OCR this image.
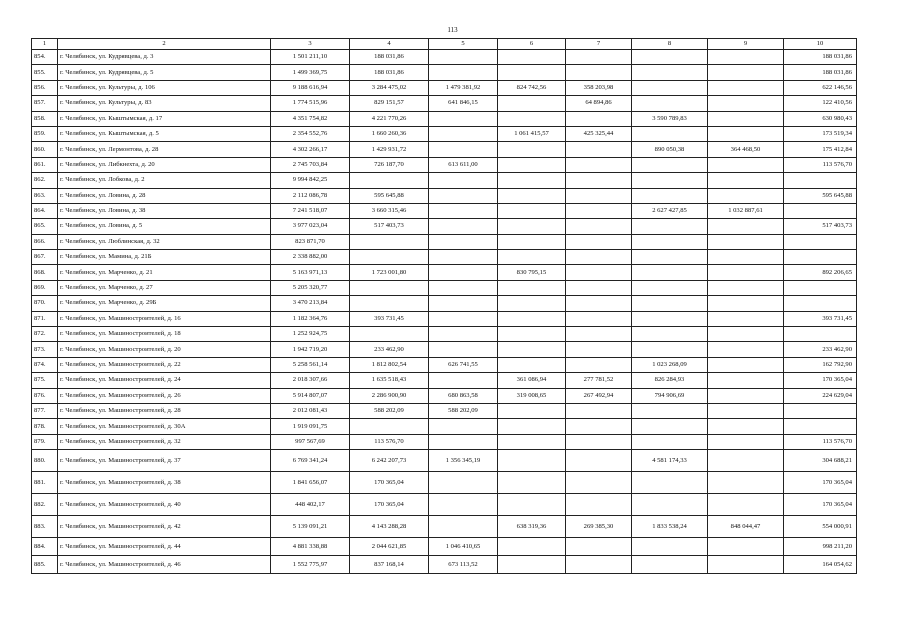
113
1	2	3	4	5	6	7	8	9	10
854.	г. Челябинск, ул. Кудрявцева, д. 3	1 501 211,10	188 031,86						188 031,86
855.	г. Челябинск, ул. Кудрявцева, д. 5	1 499 369,75	188 031,86						188 031,86
856.	г. Челябинск, ул. Культуры, д. 106	9 188 616,94	3 284 475,02	1 479 381,92	824 742,56	358 203,98			622 146,56
857.	г. Челябинск, ул. Культуры, д. 83	1 774 515,96	829 151,57	641 846,15		64 894,86			122 410,56
858.	г. Челябинск, ул. Кыштымская, д. 17	4 351 754,82	4 221 770,26				3 590 789,83		630 980,43
859.	г. Челябинск, ул. Кыштымская, д. 5	2 354 552,76	1 660 260,36		1 061 415,57	425 325,44			173 519,34
860.	г. Челябинск, ул. Лермонтова, д. 28	4 302 266,17	1 429 931,72				890 050,38	364 468,50	175 412,84
861.	г. Челябинск, ул. Либкнехта, д. 20	2 745 703,84	726 187,70	613 611,00					113 576,70
862.	г. Челябинск, ул. Лобкова, д. 2	9 994 842,25							
863.	г. Челябинск, ул. Ловина, д. 28	2 112 086,78	595 645,88						595 645,88
864.	г. Челябинск, ул. Ловина, д. 38	7 241 518,07	3 660 315,46				2 627 427,85	1 032 887,61	
865.	г. Челябинск, ул. Ловина, д. 5	3 977 023,04	517 403,73						517 403,73
866.	г. Челябинск, ул. Люблинская, д. 32	823 871,70							
867.	г. Челябинск, ул. Мамина, д. 21Б	2 338 882,00							
868.	г. Челябинск, ул. Марченко, д. 21	5 163 971,13	1 723 001,80		830 795,15				892 206,65
869.	г. Челябинск, ул. Марченко, д. 27	5 205 320,77							
870.	г. Челябинск, ул. Марченко, д. 29Б	3 470 213,84							
871.	г. Челябинск, ул. Машиностроителей, д. 16	1 182 364,76	393 731,45						393 731,45
872.	г. Челябинск, ул. Машиностроителей, д. 18	1 252 924,75							
873.	г. Челябинск, ул. Машиностроителей, д. 20	1 942 719,20	233 462,90						233 462,90
874.	г. Челябинск, ул. Машиностроителей, д. 22	5 258 561,14	1 812 802,54	626 741,55			1 023 268,09		162 792,90
875.	г. Челябинск, ул. Машиностроителей, д. 24	2 018 307,66	1 635 518,43		361 086,94	277 781,52	826 284,93		170 365,04
876.	г. Челябинск, ул. Машиностроителей, д. 26	5 914 807,07	2 286 900,90	680 863,58	319 008,65	267 492,94	794 906,69		224 629,04
877.	г. Челябинск, ул. Машиностроителей, д. 28	2 012 081,43	588 202,09	588 202,09					
878.	г. Челябинск, ул. Машиностроителей, д. 30А	1 919 091,75							
879.	г. Челябинск, ул. Машиностроителей, д. 32	997 567,69	113 576,70						113 576,70
880.	г. Челябинск, ул. Машиностроителей, д. 37	6 769 341,24	6 242 207,73	1 356 345,19			4 581 174,33		304 688,21
881.	г. Челябинск, ул. Машиностроителей, д. 38	1 841 656,07	170 365,04						170 365,04
882.	г. Челябинск, ул. Машиностроителей, д. 40	448 402,17	170 365,04						170 365,04
883.	г. Челябинск, ул. Машиностроителей, д. 42	5 139 091,21	4 143 288,28		638 319,36	269 385,30	1 833 538,24	848 044,47	554 000,91
884.	г. Челябинск, ул. Машиностроителей, д. 44	4 881 338,88	2 044 621,85	1 046 410,65					998 211,20
885.	г. Челябинск, ул. Машиностроителей, д. 46	1 552 775,97	837 168,14	673 113,52					164 054,62
